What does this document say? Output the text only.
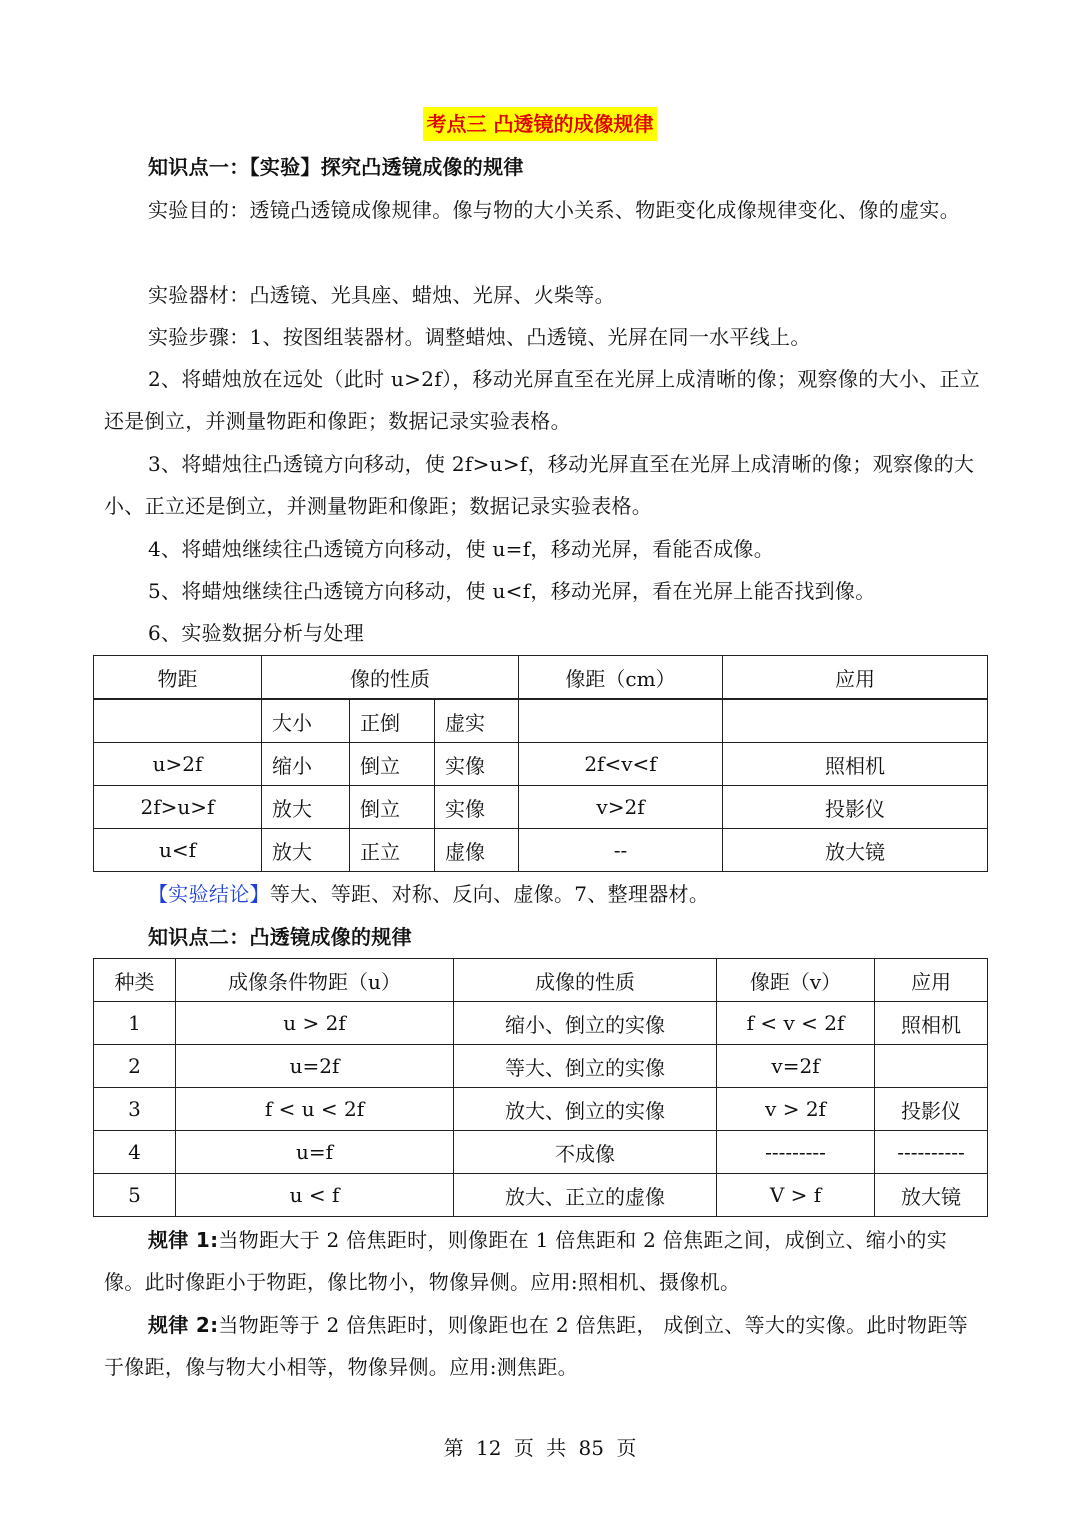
考点三 凸透镜的成像规律

知识点一：【实验】探究凸透镜成像的规律

实验目的：透镜凸透镜成像规律。像与物的大小关系、物距变化成像规律变化、像的虚实。

实验器材：凸透镜、光具座、蜡烛、光屏、火柴等。

实验步骤：1、按图组装器材。调整蜡烛、凸透镜、光屏在同一水平线上。

2、将蜡烛放在远处（此时 u>2f），移动光屏直至在光屏上成清晰的像；观察像的大小、正立还是倒立，并测量物距和像距；数据记录实验表格。

3、将蜡烛往凸透镜方向移动，使 2f>u>f，移动光屏直至在光屏上成清晰的像；观察像的大小、正立还是倒立，并测量物距和像距；数据记录实验表格。

4、将蜡烛继续往凸透镜方向移动，使 u=f，移动光屏，看能否成像。

5、将蜡烛继续往凸透镜方向移动，使 u<f，移动光屏，看在光屏上能否找到像。

6、实验数据分析与处理

物距	像的性质			像距（cm）	应用
	大小	正倒	虚实		
u>2f	缩小	倒立	实像	2f<v<f	照相机
2f>u>f	放大	倒立	实像	v>2f	投影仪
u<f	放大	正立	虚像	--	放大镜

【实验结论】等大、等距、对称、反向、虚像。7、整理器材。

知识点二：凸透镜成像的规律

种类	成像条件物距（u）	成像的性质	像距（v）	应用
1	u > 2f	缩小、倒立的实像	f < v < 2f	照相机
2	u=2f	等大、倒立的实像	v=2f	
3	f < u < 2f	放大、倒立的实像	v > 2f	投影仪
4	u=f	不成像	---------	----------
5	u < f	放大、正立的虚像	V > f	放大镜

规律 1:当物距大于 2 倍焦距时，则像距在 1 倍焦距和 2 倍焦距之间，成倒立、缩小的实像。此时像距小于物距，像比物小，物像异侧。应用:照相机、摄像机。

规律 2:当物距等于 2 倍焦距时，则像距也在 2 倍焦距， 成倒立、等大的实像。此时物距等于像距，像与物大小相等，物像异侧。应用:测焦距。

第 12 页 共 85 页
